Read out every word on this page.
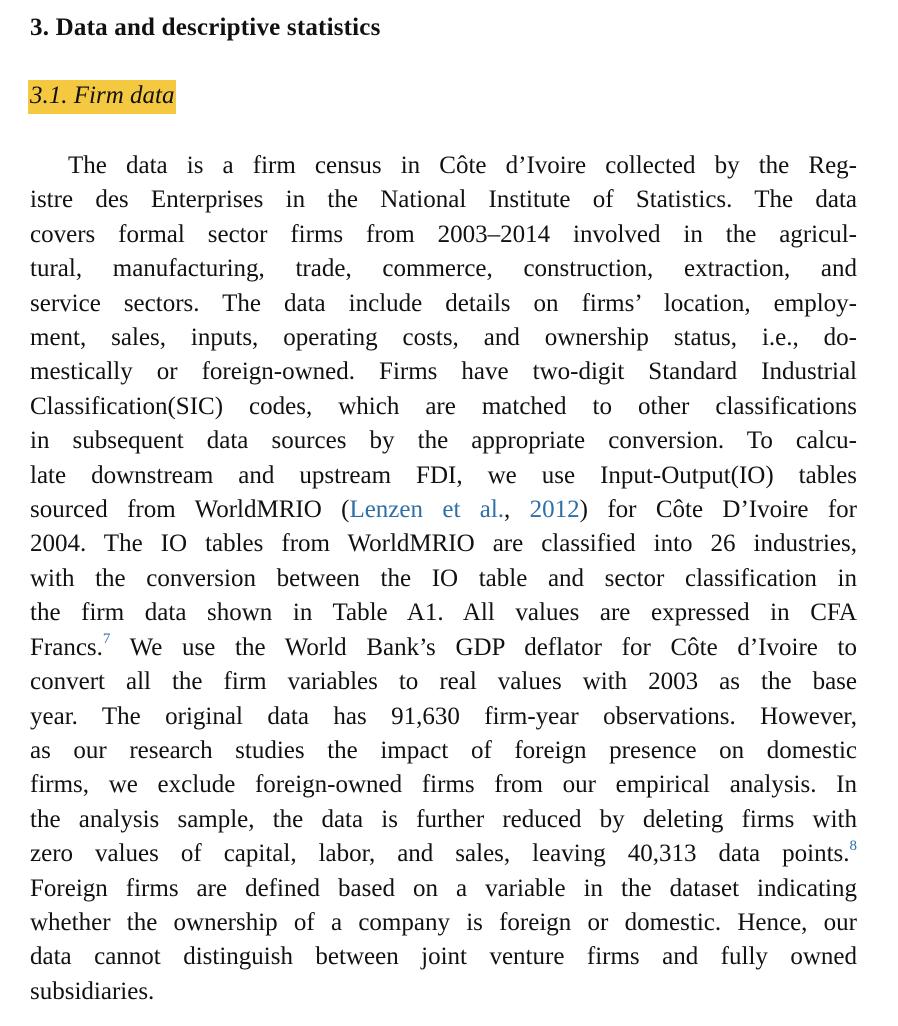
3. Data and descriptive statistics
3.1. Firm data
The data is a firm census in Côte d’Ivoire collected by the Reg-
istre des Enterprises in the National Institute of Statistics. The data
covers formal sector firms from 2003–2014 involved in the agricul-
tural, manufacturing, trade, commerce, construction, extraction, and
service sectors. The data include details on firms’ location, employ-
ment, sales, inputs, operating costs, and ownership status, i.e., do-
mestically or foreign-owned. Firms have two-digit Standard Industrial
Classification(SIC) codes, which are matched to other classifications
in subsequent data sources by the appropriate conversion. To calcu-
late downstream and upstream FDI, we use Input-Output(IO) tables
sourced from WorldMRIO (Lenzen et al., 2012) for Côte D’Ivoire for
2004. The IO tables from WorldMRIO are classified into 26 industries,
with the conversion between the IO table and sector classification in
the firm data shown in Table A1. All values are expressed in CFA
Francs.$^7$ We use the World Bank’s GDP deflator for Côte d’Ivoire to
convert all the firm variables to real values with 2003 as the base
year. The original data has 91,630 firm-year observations. However,
as our research studies the impact of foreign presence on domestic
firms, we exclude foreign-owned firms from our empirical analysis. In
the analysis sample, the data is further reduced by deleting firms with
zero values of capital, labor, and sales, leaving 40,313 data points.$^8$
Foreign firms are defined based on a variable in the dataset indicating
whether the ownership of a company is foreign or domestic. Hence, our
data cannot distinguish between joint venture firms and fully owned
subsidiaries.
